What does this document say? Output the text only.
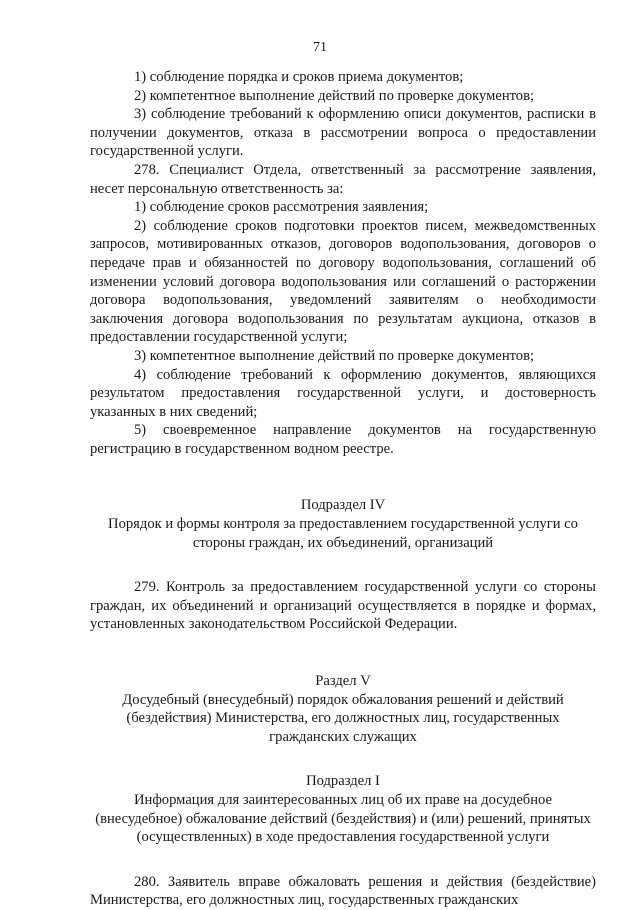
71

1) соблюдение порядка и сроков приема документов;

2) компетентное выполнение действий по проверке документов;

3) соблюдение требований к оформлению описи документов, расписки в получении документов, отказа в рассмотрении вопроса о предоставлении государственной услуги.

278. Специалист Отдела, ответственный за рассмотрение заявления, несет персональную ответственность за:

1) соблюдение сроков рассмотрения заявления;

2) соблюдение сроков подготовки проектов писем, межведомственных запросов, мотивированных отказов, договоров водопользования, договоров о передаче прав и обязанностей по договору водопользования, соглашений об изменении условий договора водопользования или соглашений о расторжении договора водопользования, уведомлений заявителям о необходимости заключения договора водопользования по результатам аукциона, отказов в предоставлении государственной услуги;

3) компетентное выполнение действий по проверке документов;

4) соблюдение требований к оформлению документов, являющихся результатом предоставления государственной услуги, и достоверность указанных в них сведений;

5) своевременное направление документов на государственную регистрацию в государственном водном реестре.

Подраздел IV

Порядок и формы контроля за предоставлением государственной услуги со стороны граждан, их объединений, организаций

279. Контроль за предоставлением государственной услуги со стороны граждан, их объединений и организаций осуществляется в порядке и формах, установленных законодательством Российской Федерации.

Раздел V

Досудебный (внесудебный) порядок обжалования решений и действий (бездействия) Министерства, его должностных лиц, государственных гражданских служащих

Подраздел I

Информация для заинтересованных лиц об их праве на досудебное (внесудебное) обжалование действий (бездействия) и (или) решений, принятых (осуществленных) в ходе предоставления государственной услуги

280. Заявитель вправе обжаловать решения и действия (бездействие) Министерства, его должностных лиц, государственных гражданских
